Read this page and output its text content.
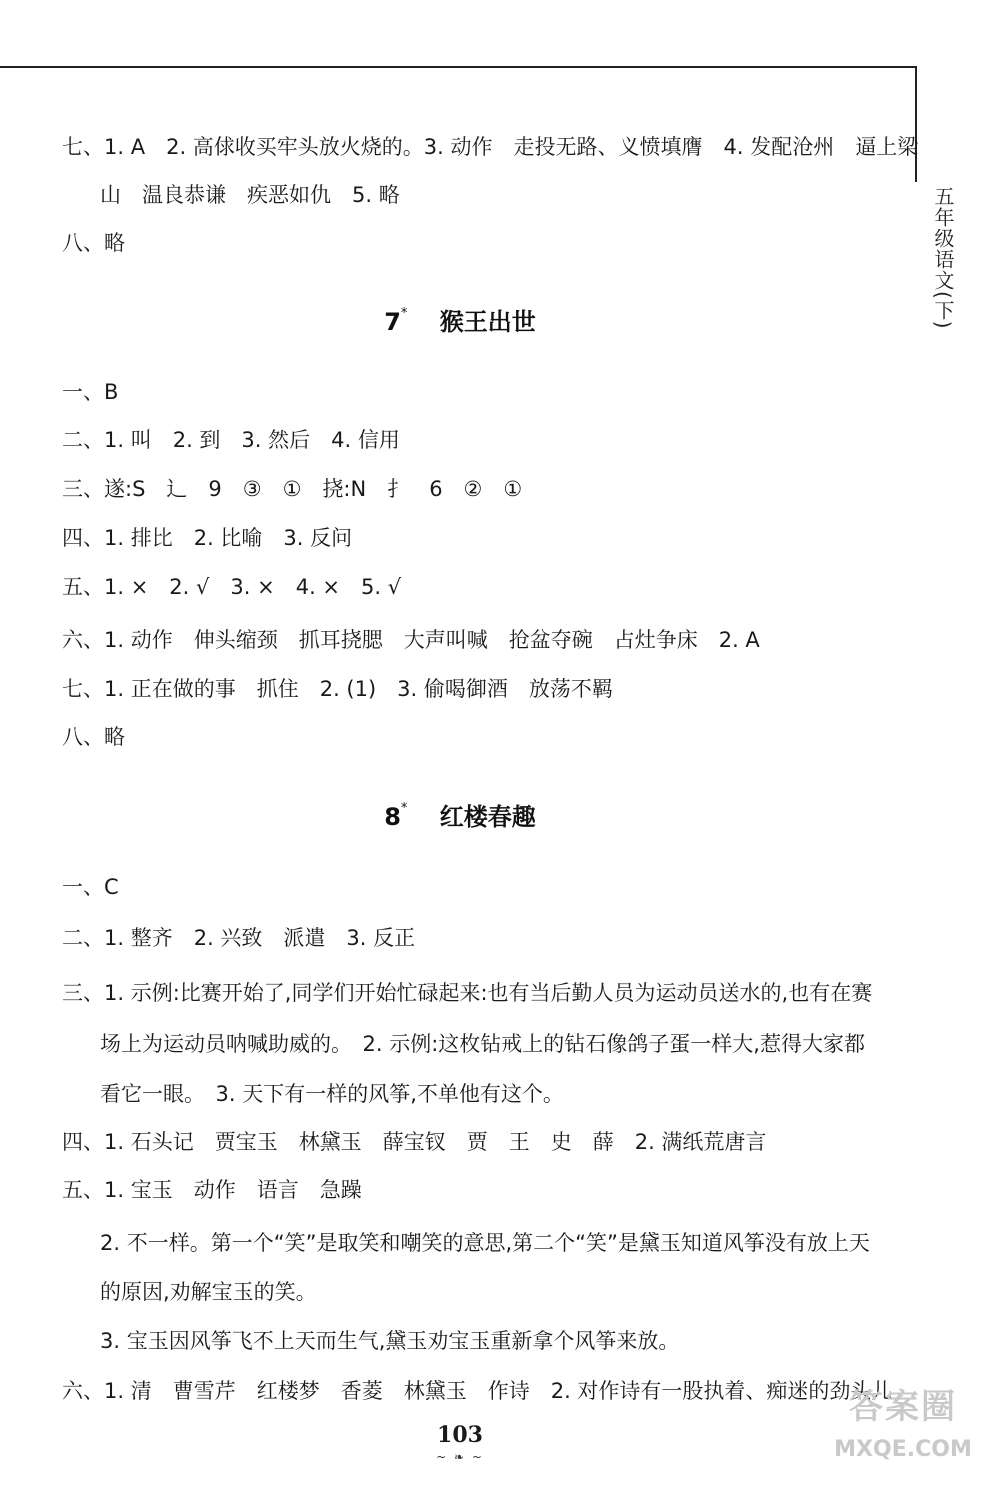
五年级语文(下)
七、1. A　2. 高俅收买牢头放火烧的。3. 动作　走投无路、义愤填膺　4. 发配沧州　逼上梁
山　温良恭谦　疾恶如仇　5. 略
八、略
7*　 猴王出世
一、B
二、1. 叫　2. 到　3. 然后　4. 信用
三、遂:S　辶　9　③　①　挠:N　扌　6　②　①
四、1. 排比　2. 比喻　3. 反问
五、1. ×　2. √　3. ×　4. ×　5. √
六、1. 动作　伸头缩颈　抓耳挠腮　大声叫喊　抢盆夺碗　占灶争床　2. A
七、1. 正在做的事　抓住　2. (1)　3. 偷喝御酒　放荡不羁
八、略
8*　 红楼春趣
一、C
二、1. 整齐　2. 兴致　派遣　3. 反正
三、1. 示例:比赛开始了,同学们开始忙碌起来:也有当后勤人员为运动员送水的,也有在赛
场上为运动员呐喊助威的。　2. 示例:这枚钻戒上的钻石像鸽子蛋一样大,惹得大家都
看它一眼。　3. 天下有一样的风筝,不单他有这个。
四、1. 石头记　贾宝玉　林黛玉　薛宝钗　贾　王　史　薛　2. 满纸荒唐言
五、1. 宝玉　动作　语言　急躁
2. 不一样。第一个“笑”是取笑和嘲笑的意思,第二个“笑”是黛玉知道风筝没有放上天
的原因,劝解宝玉的笑。
3. 宝玉因风筝飞不上天而生气,黛玉劝宝玉重新拿个风筝来放。
六、1. 清　曹雪芹　红楼梦　香菱　林黛玉　作诗　2. 对作诗有一股执着、痴迷的劲头儿
103
~ ❧ ~
答案圈
MXQE.COM
